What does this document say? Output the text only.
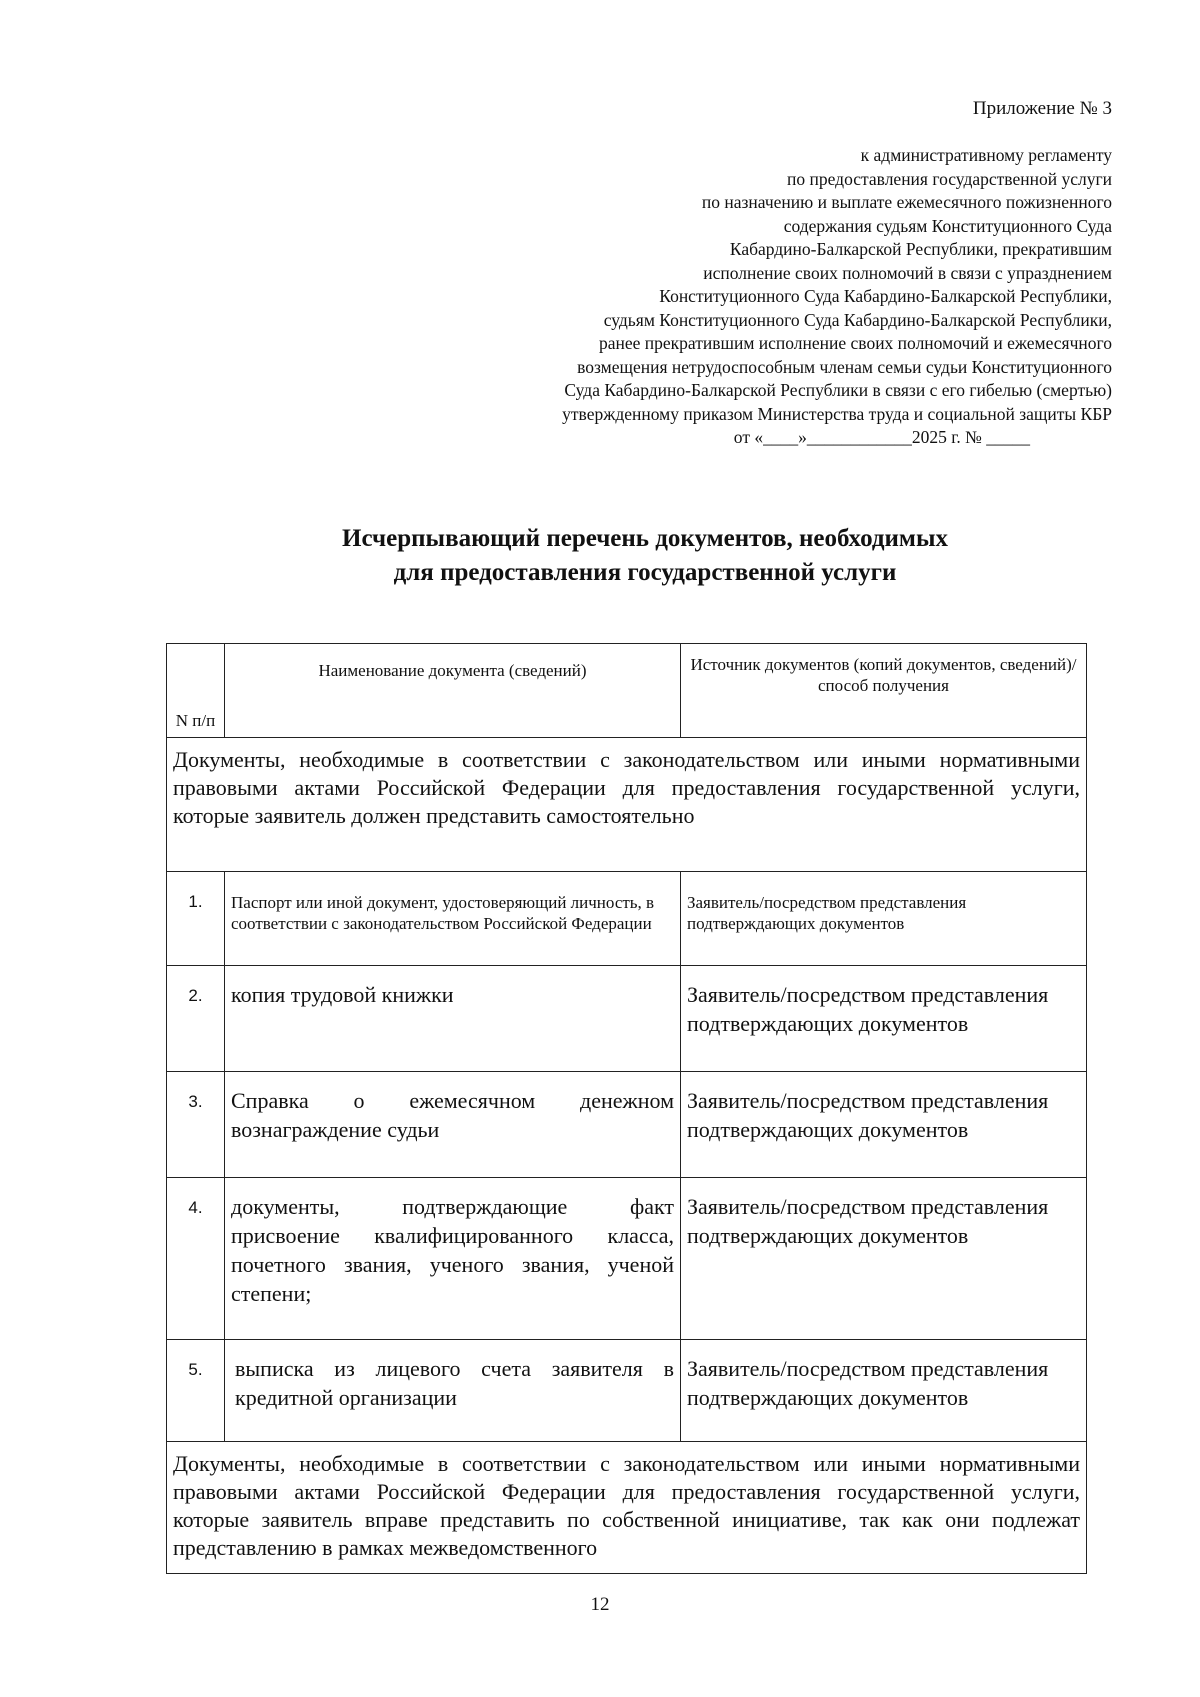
Приложение № 3
к административному регламенту
по предоставления государственной услуги
по назначению и выплате ежемесячного пожизненного
содержания судьям Конституционного Суда
Кабардино-Балкарской Республики, прекратившим
исполнение своих полномочий в связи с упразднением
Конституционного Суда Кабардино-Балкарской Республики,
судьям Конституционного Суда Кабардино-Балкарской Республики,
ранее прекратившим исполнение своих полномочий и ежемесячного
возмещения нетрудоспособным членам семьи судьи Конституционного
Суда Кабардино-Балкарской Республики в связи с его гибелью (смертью)
утвержденному приказом Министерства труда и социальной защиты КБР
от «____»____________2025 г. № _____
Исчерпывающий перечень документов, необходимых
для предоставления государственной услуги
N п/п	Наименование документа (сведений)	Источник документов (копий документов, сведений)/ способ получения
Документы, необходимые в соответствии с законодательством или иными нормативными правовыми актами Российской Федерации для предоставления государственной услуги, которые заявитель должен представить самостоятельно		
1.	Паспорт или иной документ, удостоверяющий личность, в соответствии с законодательством Российской Федерации	Заявитель/посредством представления подтверждающих документов
2.	копия трудовой книжки	Заявитель/посредством представления подтверждающих документов
3.	Справка о ежемесячном денежном вознаграждение судьи	Заявитель/посредством представления подтверждающих документов
4.	документы, подтверждающие факт присвоение квалифицированного класса, почетного звания, ученого звания, ученой степени;	Заявитель/посредством представления подтверждающих документов
5.	выписка из лицевого счета заявителя в кредитной организации	Заявитель/посредством представления подтверждающих документов
Документы, необходимые в соответствии с законодательством или иными нормативными правовыми актами Российской Федерации для предоставления государственной услуги, которые заявитель вправе представить по собственной инициативе, так как они подлежат представлению в рамках межведомственного		
12
